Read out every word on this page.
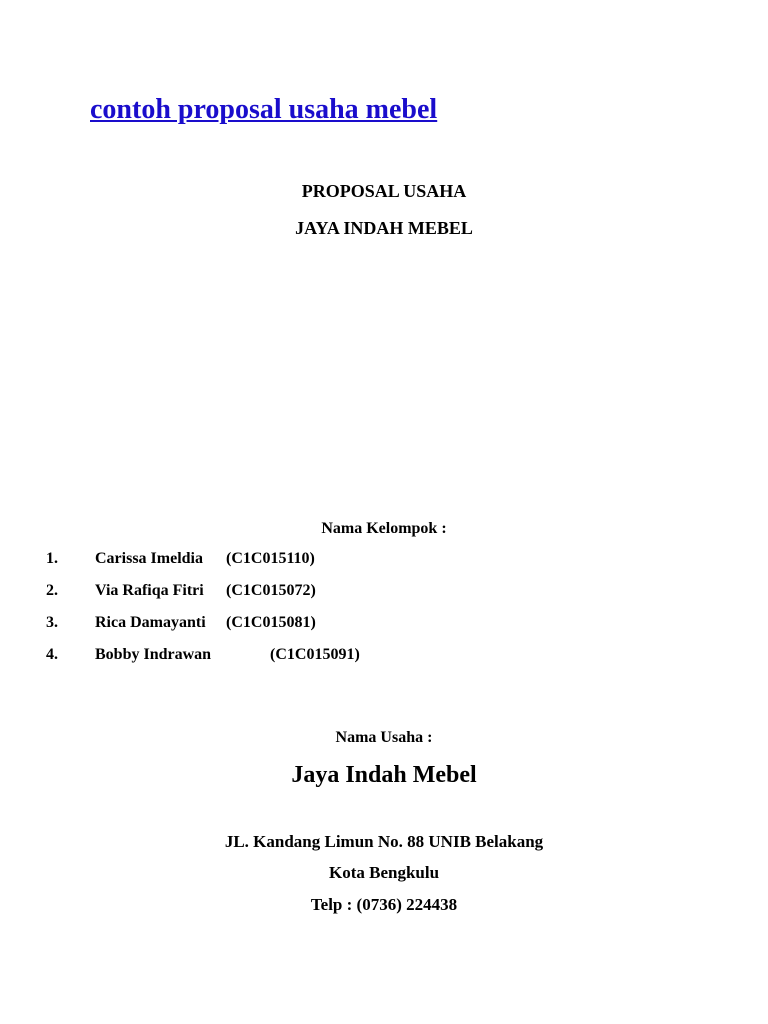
contoh proposal usaha mebel
PROPOSAL USAHA
JAYA INDAH MEBEL
Nama Kelompok :
1. Carissa Imeldia (C1C015110)
2. Via Rafiqa Fitri (C1C015072)
3. Rica Damayanti (C1C015081)
4. Bobby Indrawan	(C1C015091)
Nama Usaha :
Jaya Indah Mebel
JL. Kandang Limun No. 88 UNIB Belakang
Kota Bengkulu
Telp : (0736) 224438
